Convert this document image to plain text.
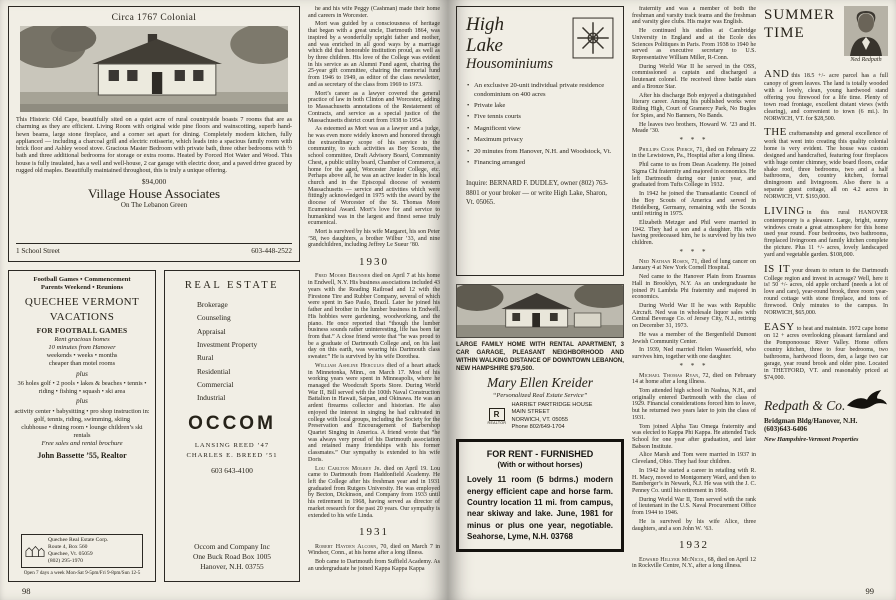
Circa 1767 Colonial

This Historic Old Cape, beautifully sited on a quiet acre of rural countryside boasts 7 rooms that are as charming as they are efficient. Living Room with original wide pine floors and wainscotting, superb hand-hewn beams, large stone fireplace, and a corner set apart for dining. Completely modern kitchen, fully applianced — including a charcoal grill and electric rotisserie, which leads into a spacious family room with brick floor and Ashley wood stove. Gracious Master Bedroom with private bath, three other bedrooms with ½ bath and three additional bedrooms for storage or extra rooms. Heated by Forced Hot Water and Wood. This house is fully insulated, has a well and well-house, 2 car garage with electric door, and a paved drive graced by rugged old maples. Beautifully maintained throughout, this is truly a unique offering.

$94,000
Village House Associates
On The Lebanon Green
1 School Street	603-448-2522
Football Games • Commencement
Parents Weekend • Reunions
QUECHEE VERMONT
VACATIONS
FOR FOOTBALL GAMES
Rent gracious homes
10 minutes from Hanover
weekends • weeks • months
cheaper than motel rooms
plus
36 holes golf • 2 pools • lakes & beaches • tennis • riding • fishing • squash • ski area
plus
activity center • babysitting • pro shop instruction in: golf, tennis, riding, swimming, skiing
clubhouse • dining room • lounge children’s ski rentals
Free sales and rental brochure
John Bassette ’55, Realtor
Quechee Real Estate Corp.
Route 4, Box 560
Quechee, Vt. 05059
(802) 295-1970
Open 7 days a week Mon-Sat 9-5pm/Fri 9-8pm/Sun 12-5
REAL ESTATE
Brokerage
Counseling
Appraisal
Investment Property
Rural
Residential
Commercial
Industrial
OCCOM
LANSING REED ’47
CHARLES E. BREED ’51
603 643-4100
Occom and Company Inc
One Buck Road Box 1005
Hanover, N.H. 03755

he and his wife Peggy (Cashman) made their home and careers in Worcester.

Mort was guided by a consciousness of heritage that began with a great uncle, Dartmouth 1864, was inspired by a wonderfully upright father and mother, and was enriched in all good ways by a marriage which did that honorable institution proud, as well as by three children. His love of the College was evident in his service as an Alumni Fund agent, chairing the 25-year gift committee, chairing the memorial fund from 1946 to 1949, as editor of the class newsletter, and as secretary of the class from 1969 to 1973.

Mort’s career as a lawyer covered the general practice of law in both Clinton and Worcester, adding to Massachusetts annotations of the Restatement of Contracts, and service as a special justice of the Massachusetts district court from 1938 to 1954.

As esteemed as Mort was as a lawyer and a judge, he was even more widely known and honored through the extraordinary scope of his service to the community, to such activities as Boy Scouts, the school committee, Draft Advisory Board, Community Chest, a public utility board, Chamber of Commerce, a home for the aged, Worcester Junior College, etc. Perhaps above all, he was an active leader in his local church and in the Episcopal diocese of western Massachusetts — service and activities which were fittingly acknowledged in 1975 with the award by the diocese of Worcester of the St. Thomas More Ecumenical Award. Mort’s love for and service to humankind was in the largest and finest sense truly ecumenical.

Mort is survived by his wife Margaret, his son Peter ’58, two daughters, a brother Wilbur ’33, and nine grandchildren, including Jeffrey Le Sueur ’80.

1930

Fred Moore Brunner died on April 7 at his home in Endwell, N.Y. His business associations included 43 years with the Reading Railroad and 12 with the Firestone Tire and Rubber Company, several of which were spent in Sao Paulo, Brazil. Later he joined his father and brother in the lumber business in Endwell. His hobbies were gardening, woodworking, and the piano. He once reported that “though the lumber business sounds rather uninteresting, life has been far from that.” A close friend wrote that “he was proud to be a graduate of Dartmouth College and, on his last day on this earth, was wearing his Dartmouth class sweater.” He is survived by his wife Dorothea.

William Ashline Hercules died of a heart attack in Minnetonka, Minn., on March 17. Most of his working years were spent in Minneapolis, where he managed the Woodcraft Sports Store. During World War II, Bill served with the 100th Naval Construction Battalion in Hawaii, Saipan, and Okinawa. He was an ardent firearms collector and historian. He also enjoyed the interest in singing he had cultivated in college with local groups, including the Society for the Preservation and Encouragement of Barbershop Quartet Singing in America. A friend wrote that “he was always very proud of his Dartmouth association and retained many friendships with his former classmates.” Our sympathy is extended to his wife Doris.

Lou Carlton Molrey Jr. died on April 19. Lou came to Dartmouth from Haddonfield Academy. He left the College after his freshman year and in 1931 graduated from Rutgers University. He was employed by Becton, Dickinson, and Company from 1933 until his retirement in 1968, having served as director of market research for the past 20 years. Our sympathy is extended to his wife Linda.

1931

Robert Hayden Alcorn, 70, died on March 7 in Windsor, Conn., at his home after a long illness.

Bob came to Dartmouth from Suffield Academy. As an undergraduate he joined Kappa Kappa Kappa

98
High
Lake
Housominiums
• An exclusive 20-unit individual private residence condominium on 400 acres
• Private lake
• Five tennis courts
• Magnificent view
• Maximum privacy
• 20 minutes from Hanover, N.H. and Woodstock, Vt.
• Financing arranged

Inquire: BERNARD F. DUDLEY, owner (802) 763-8801 or your broker — or write High Lake, Sharon, Vt. 05065.

LARGE FAMILY HOME WITH RENTAL APARTMENT, 3 CAR GARAGE, PLEASANT NEIGHBORHOOD AND WITHIN WALKING DISTANCE OF DOWNTOWN LEBANON, NEW HAMPSHIRE $79,500.

Mary Ellen Kreider
“Personalized Real Estate Service”
R
REALTOR
HARRIET PARTRIDGE HOUSE
MAIN STREET
NORWICH, VT. 05055
Phone 802/649-1704
FOR RENT - FURNISHED
(With or without horses)

Lovely 11 room (5 bdrms.) modern energy efficient cape and horse farm. Country location 11 mi. from campus, near skiway and lake. June, 1981 for minus or plus one year, negotiable. Seahorse, Lyme, N.H. 03768

fraternity and was a member of both the freshman and varsity track teams and the freshman and varsity glee clubs. His major was English.

He continued his studies at Cambridge University in England and at the Ecole des Sciences Politiques in Paris. From 1938 to 1940 he served as executive secretary to U.S. Representative William Miller, R-Conn.

During World War II he served in the OSS, commissioned a captain and discharged a lieutenant colonel. He received three battle stars and a Bronze Star.

After his discharge Bob enjoyed a distinguished literary career. Among his published works were Riding High, Court of Gramercy Park, No Bugles for Spies, and No Banners, No Bands.

He leaves two brothers, Howard W. ’23 and H. Meade ’30.

* * *

Phillips Cook Pierce, 71, died on February 22 in the Lewistown, Pa., Hospital after a long illness.

Phil came to us from Dean Academy. He joined Sigma Chi fraternity and majored in economics. He left Dartmouth during our junior year, and graduated from Tufts College in 1932.

In 1942 he joined the Transatlantic Council of the Boy Scouts of America and served in Heidelberg, Germany, remaining with the Scouts until retiring in 1975.

Elizabeth Metzger and Phil were married in 1942. They had a son and a daughter. His wife having predeceased him, he is survived by his two children.

* * *

Ned Nathan Rosen, 71, died of lung cancer on January 4 at New York Cornell Hospital.

Ned came to the Hanover Plain from Erasmus Hall in Brooklyn, N.Y. As an undergraduate he joined Pi Lambda Phi fraternity and majored in economics.

During World War II he was with Republic Aircraft. Ned was in wholesale liquor sales with Central Beverage Co. of Jersey City, N.J., retiring on December 31, 1973.

He was a member of the Bergenfield Dumont Jewish Community Center.

In 1939, Ned married Helen Wasserfeld, who survives him, together with one daughter.

* * *

Michael Thomas Ryan, 72, died on February 14 at home after a long illness.

Tom attended high school in Nashua, N.H., and originally entered Dartmouth with the class of 1929. Financial considerations forced him to leave, but he returned two years later to join the class of 1931.

Tom joined Alpha Tau Omega fraternity and was elected to Kappa Phi Kappa. He attended Tuck School for one year after graduation, and later Babson Institute.

Alice Marsh and Tom were married in 1937 in Cleveland, Ohio. They had four children.

In 1942 he started a career in retailing with R. H. Macy, moved to Montgomery Ward, and then to Bamberger’s in Newark, N.J. He was with the J. C. Penney Co. until his retirement in 1968.

During World War II, Tom served with the rank of lieutenant in the U.S. Naval Procurement Office from 1944 to 1946.

He is survived by his wife Alice, three daughters, and a son John W. ’63.

1932

Edward Hillyer McNicol, 68, died on April 12 in Rockville Centre, N.Y., after a long illness.

SUMMER
TIME
Ned Redpath

AND this 18.5 +/- acre parcel has a full canopy of green leaves. The land is totally wooded with a lovely, clean, young hardwood stand offering you firewood for a life time. Plenty of town road frontage, excellent distant views (with clearing), and convenient to town (6 mi.). In NORWICH, VT. for $28,500.

THE craftsmanship and general excellence of work that went into creating this quality colonial home is very evident. The house was custom designed and handcrafted, featuring four fireplaces with huge center chimney, wide board floors, cedar shake roof, three bedrooms, two and a half bathrooms, den, country kitchen, formal diningroom and livingroom. Also there is a separate guest cottage, all on 4.2 acres in NORWICH, VT. $193,000.

LIVING in this rural HANOVER contemporary is a pleasure. Large, bright, sunny windows create a great atmosphere for this home used year round. Four bedrooms, two bathrooms, fireplaced livingroom and family kitchen complete the picture. Plus 11 +/- acres, lovely landscaped yard and vegetable garden. $108,000.

IS IT your dream to return to the Dartmouth College region and invest in acreage? Well, here it is! 50 +/- acres, old apple orchard (needs a lot of love and care), year-round brook, three room year-round cottage with stone fireplace, and tons of firewood. Only minutes to the campus. In NORWICH, $65,000.

EASY to heat and maintain. 1972 cape home on 12 + acres overlooking pleasant farmland and the Pomponoosuc River Valley. Home offers country kitchen, three to four bedrooms, two bathrooms, hardwood floors, den, a large two car garage, year round brook and older pine. Located in THETFORD, VT. and reasonably priced at $74,000.

Redpath & Co.
Bridgman Bldg/Hanover, N.H.
(603)643-6406
New Hampshire-Vermont Properties
99
